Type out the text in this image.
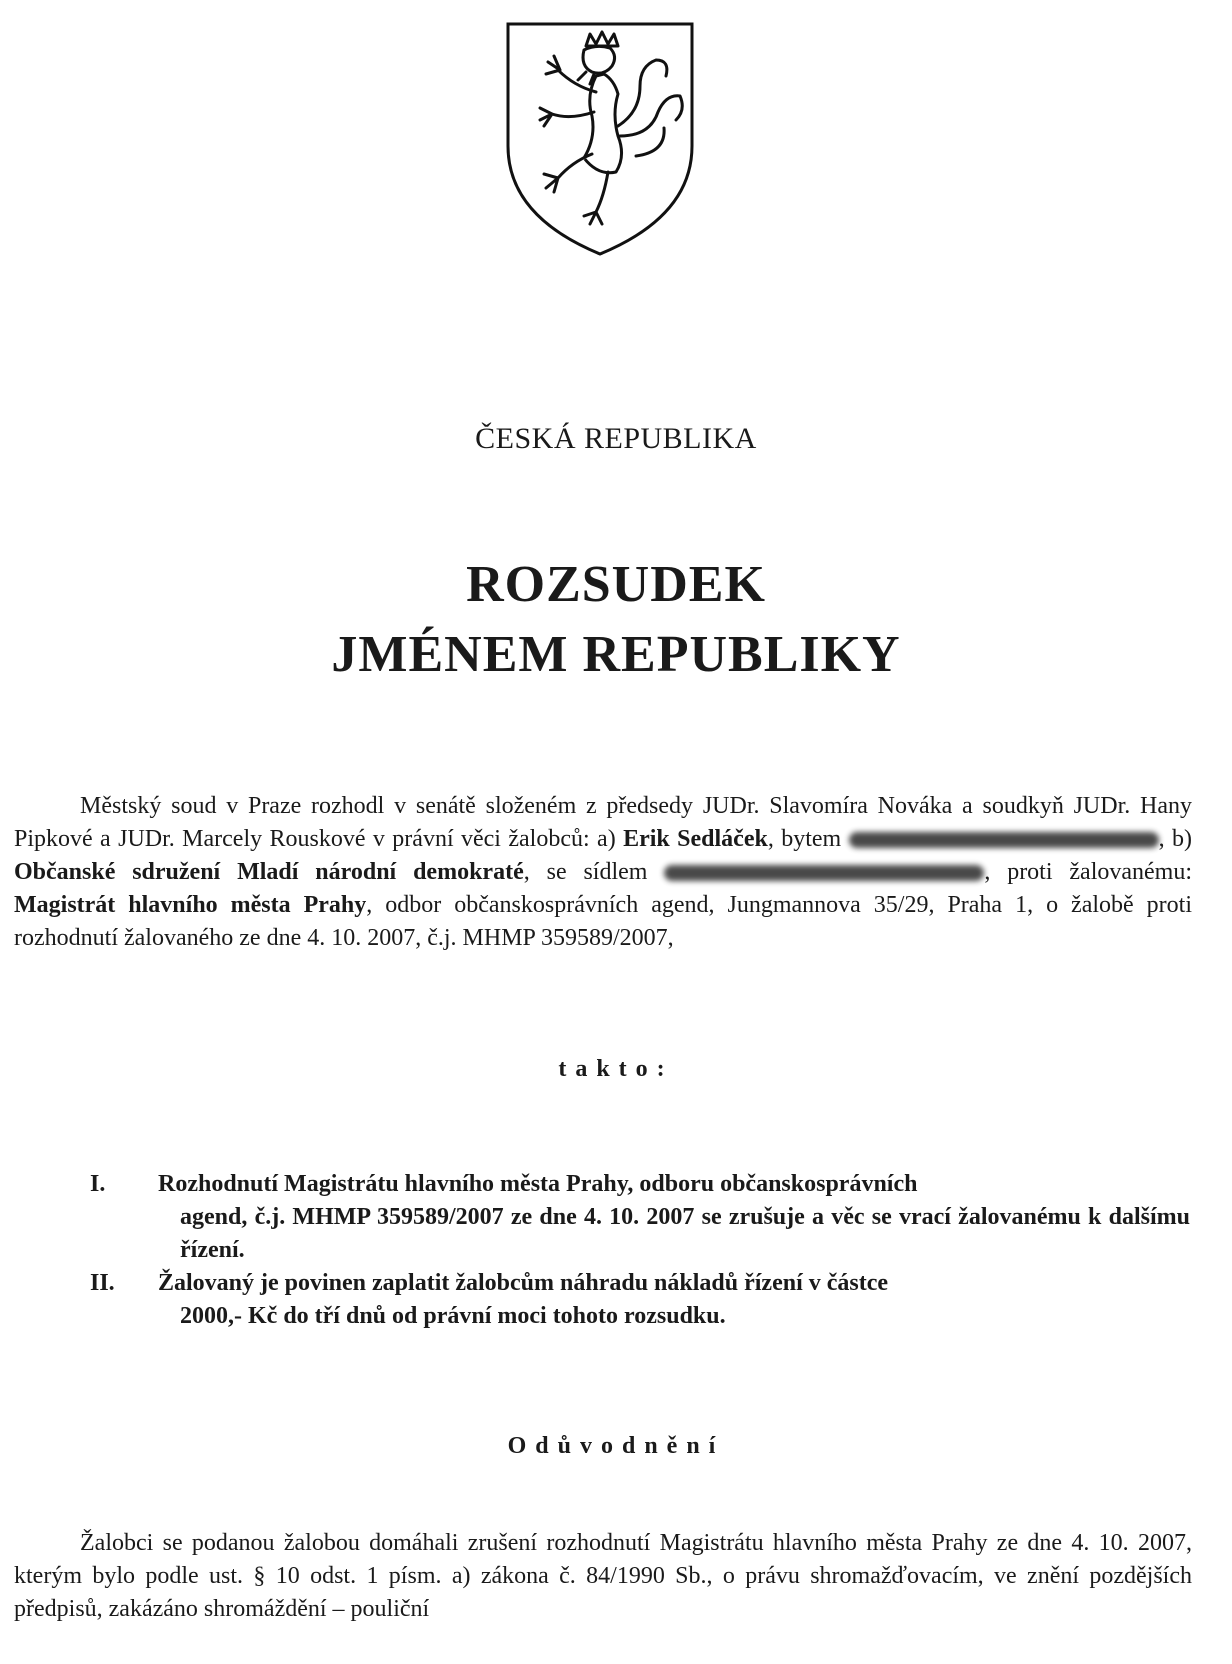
ČESKÁ REPUBLIKA
ROZSUDEK
JMÉNEM REPUBLIKY
Městský soud v Praze rozhodl v senátě složeném z předsedy JUDr. Slavomíra Nováka a soudkyň JUDr. Hany Pipkové a JUDr. Marcely Rouskové v právní věci žalobců: a) Erik Sedláček, bytem	, b) Občanské sdružení Mladí národní demokraté, se sídlem	, proti žalovanému: Magistrát hlavního města Prahy, odbor občanskosprávních agend, Jungmannova 35/29, Praha 1, o žalobě proti rozhodnutí žalovaného ze dne 4. 10. 2007, č.j. MHMP 359589/2007,
takto:
I.	Rozhodnutí Magistrátu hlavního města Prahy, odboru občanskosprávních
agend, č.j. MHMP 359589/2007 ze dne 4. 10. 2007 se zrušuje a věc se vrací žalovanému k dalšímu řízení.
II.	Žalovaný je povinen zaplatit žalobcům náhradu nákladů řízení v částce
2000,- Kč do tří dnů od právní moci tohoto rozsudku.
Odůvodnění
Žalobci se podanou žalobou domáhali zrušení rozhodnutí Magistrátu hlavního města Prahy ze dne 4. 10. 2007, kterým bylo podle ust. § 10 odst. 1 písm. a) zákona č. 84/1990 Sb., o právu shromažďovacím, ve znění pozdějších předpisů, zakázáno shromáždění – pouliční
